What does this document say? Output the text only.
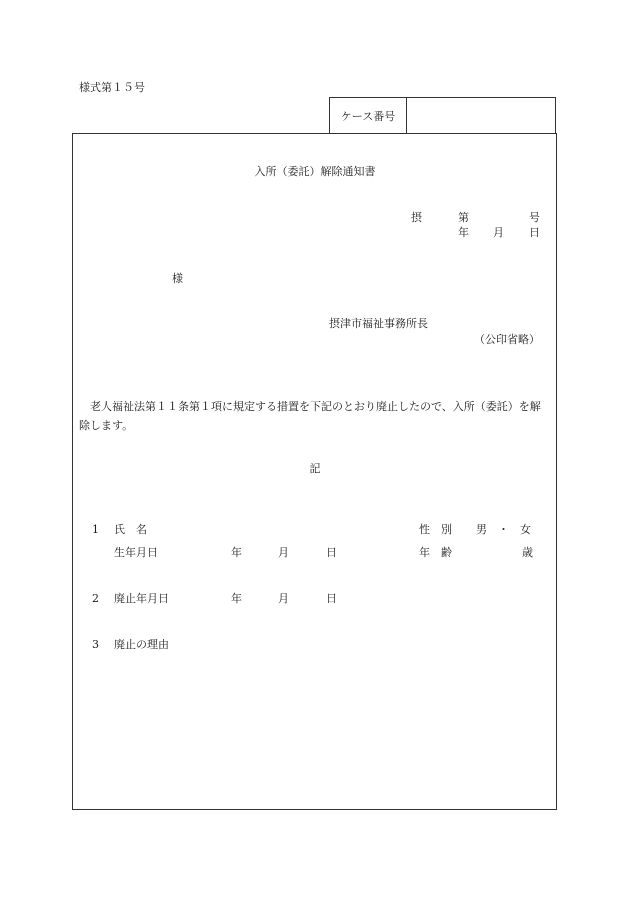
様式第１５号
ケース番号
入所（委託）解除通知書
摂	第	号
年 月 日
様
摂津市福祉事務所長
（公印省略）
老人福祉法第１１条第１項に規定する措置を下記のとおり廃止したので、入所（委託）を解除します。
記
1 氏　名	性　別 男　・　女
生年月日	年	月	日	年　齢	歳
2 廃止年月日	年	月	日
3 廃止の理由
